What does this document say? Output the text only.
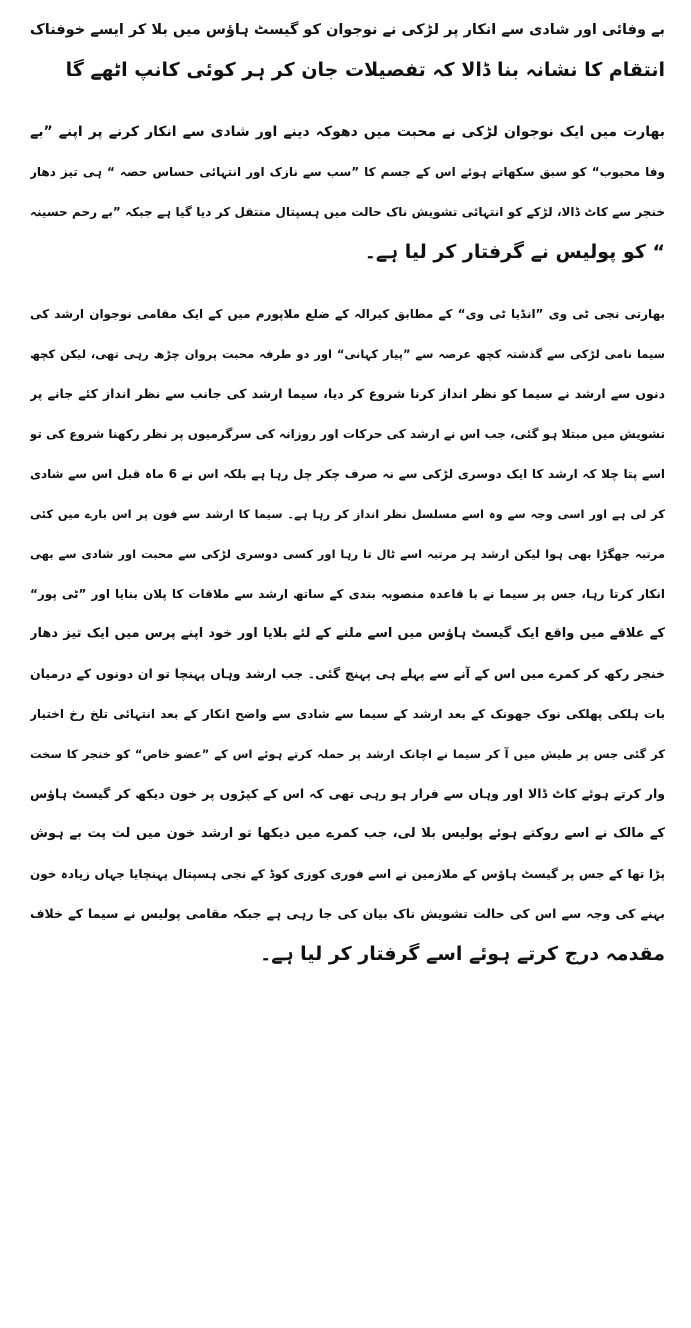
بے وفائی اور شادی سے انکار پر لڑکی نے نوجوان کو گیسٹ ہاؤس میں بلا کر ایسے خوفناک
انتقام کا نشانہ بنا ڈالا کہ تفصیلات جان کر ہر کوئی کانپ اٹھے گا
بھارت میں ایک نوجوان لڑکی نے محبت میں دھوکہ دینے اور شادی سے انکار کرنے پر اپنے ”بے
وفا محبوب“ کو سبق سکھاتے ہوئے اس کے جسم کا ”سب سے نازک اور انتہائی حساس حصہ “ ہی تیز دھار
خنجر سے کاٹ ڈالا، لڑکے کو انتہائی تشویش ناک حالت میں ہسپتال منتقل کر دیا گیا ہے جبکہ ”بے رحم حسینہ
“ کو پولیس نے گرفتار کر لیا ہے۔
بھارتی نجی ٹی وی ”انڈیا ٹی وی“ کے مطابق کیرالہ کے ضلع ملاپورم میں کے ایک مقامی نوجوان ارشد کی
سیما نامی لڑکی سے گذشتہ کچھ عرصہ سے ”پیار کہانی“ اور دو طرفہ محبت پروان چڑھ رہی تھی، لیکن کچھ
دنوں سے ارشد نے سیما کو نظر انداز کرنا شروع کر دیا، سیما ارشد کی جانب سے نظر انداز کئے جانے پر
تشویش میں مبتلا ہو گئی، جب اس نے ارشد کی حرکات اور روزانہ کی سرگرمیوں پر نظر رکھنا شروع کی تو
اسے پتا چلا کہ ارشد کا ایک دوسری لڑکی سے نہ صرف چکر چل رہا ہے بلکہ اس نے 6 ماہ قبل اس سے شادی
کر لی ہے اور اسی وجہ سے وہ اسے مسلسل نظر انداز کر رہا ہے۔ سیما کا ارشد سے فون پر اس بارے میں کئی
مرتبہ جھگڑا بھی ہوا لیکن ارشد ہر مرتبہ اسے ٹال تا رہا اور کسی دوسری لڑکی سے محبت اور شادی سے بھی
انکار کرتا رہا، جس پر سیما نے با قاعدہ منصوبہ بندی کے ساتھ ارشد سے ملاقات کا پلان بنایا اور ”ٹی پور“
کے علاقے میں واقع ایک گیسٹ ہاؤس میں اسے ملنے کے لئے بلایا اور خود اپنے پرس میں ایک تیز دھار
خنجر رکھ کر کمرے میں اس کے آنے سے پہلے ہی پہنچ گئی۔ جب ارشد وہاں پہنچا تو ان دونوں کے درمیان
بات ہلکی پھلکی نوک جھونک کے بعد ارشد کے سیما سے شادی سے واضح انکار کے بعد انتہائی تلخ رخ اختیار
کر گئی جس پر طیش میں آ کر سیما نے اچانک ارشد پر حملہ کرتے ہوئے اس کے ”عضو خاص“ کو خنجر کا سخت
وار کرتے ہوئے کاٹ ڈالا اور وہاں سے فرار ہو رہی تھی کہ اس کے کپڑوں پر خون دیکھ کر گیسٹ ہاؤس
کے مالک نے اسے روکتے ہوئے پولیس بلا لی، جب کمرے میں دیکھا تو ارشد خون میں لت پت بے ہوش
پڑا تھا کے جس پر گیسٹ ہاؤس کے ملازمین نے اسے فوری کوزی کوڈ کے نجی ہسپتال پہنچایا جہاں زیادہ خون
بہنے کی وجہ سے اس کی حالت تشویش ناک بیان کی جا رہی ہے جبکہ مقامی پولیس نے سیما کے خلاف
مقدمہ درج کرتے ہوئے اسے گرفتار کر لیا ہے۔
